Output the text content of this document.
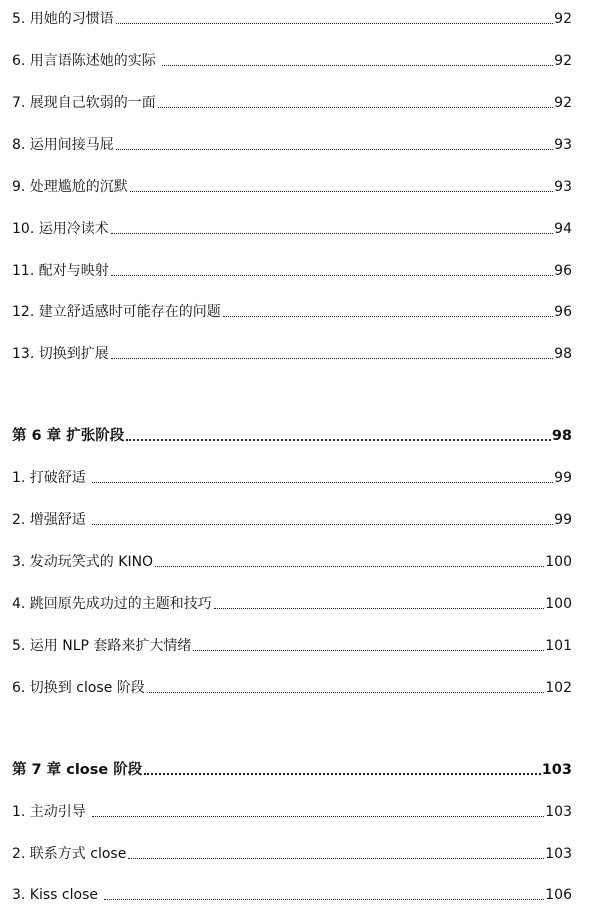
5. 用她的习惯语	92
6. 用言语陈述她的实际	92
7. 展现自己软弱的一面	92
8. 运用间接马屁	93
9. 处理尴尬的沉默	93
10. 运用冷读术	94
11. 配对与映射	96
12. 建立舒适感时可能存在的问题	96
13. 切换到扩展	98
第 6 章 扩张阶段	98
1. 打破舒适	99
2. 增强舒适	99
3. 发动玩笑式的 KINO	100
4. 跳回原先成功过的主题和技巧	100
5. 运用 NLP 套路来扩大情绪	101
6. 切换到 close 阶段	102
第 7 章 close 阶段	103
1. 主动引导	103
2. 联系方式 close	103
3. Kiss close	106
